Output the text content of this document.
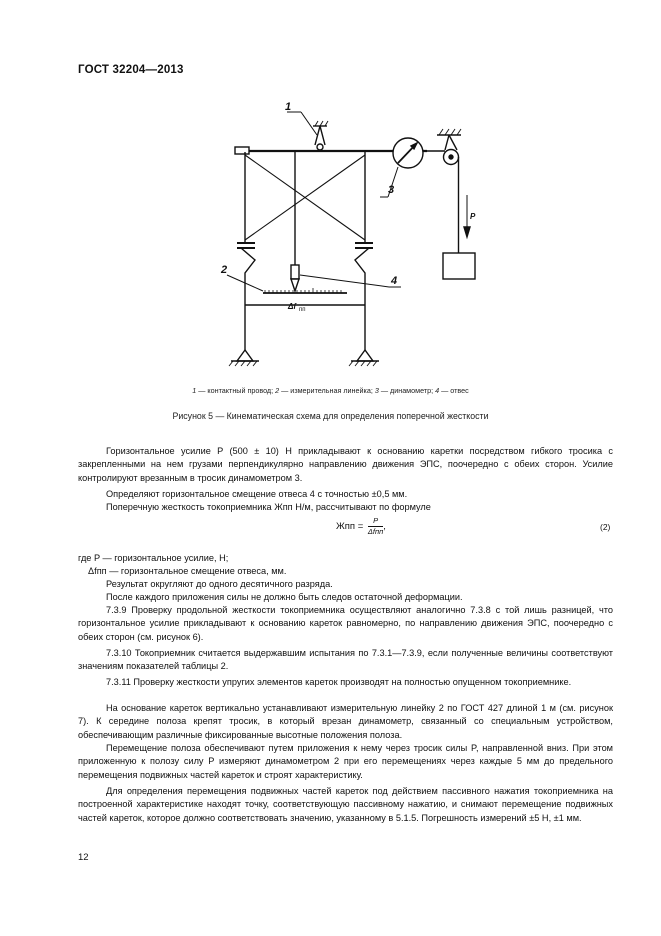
ГОСТ 32204—2013
1
4
2
Δf пп
3
P
1 — контактный провод; 2 — измерительная линейка; 3 — динамометр; 4 — отвес
Рисунок 5 — Кинематическая схема для определения поперечной жесткости
Горизонтальное усилие P (500 ± 10) Н прикладывают к основанию каретки посредством гибкого тросика с закрепленными на нем грузами перпендикулярно направлению движения ЭПС, поочередно с обеих сторон. Усилие контролируют врезанным в тросик динамометром 3.
Определяют горизонтальное смещение отвеса 4 с точностью ±0,5 мм.
Поперечную жесткость токоприемника Жпп Н/м, рассчитывают по формуле
Жпп = $\frac{P}{\text{Δfпп}}$ ,	(2)
где P — горизонтальное усилие, Н;
Δfпп — горизонтальное смещение отвеса, мм.
Результат округляют до одного десятичного разряда.
После каждого приложения силы не должно быть следов остаточной деформации.
7.3.9 Проверку продольной жесткости токоприемника осуществляют аналогично 7.3.8 с той лишь разницей, что горизонтальное усилие прикладывают к основанию кареток равномерно, по направлению движения ЭПС, поочередно с обеих сторон (см. рисунок 6).
7.3.10 Токоприемник считается выдержавшим испытания по 7.3.1—7.3.9, если полученные величины соответствуют значениям показателей таблицы 2.
7.3.11 Проверку жесткости упругих элементов кареток производят на полностью опущенном токоприемнике.
На основание кареток вертикально устанавливают измерительную линейку 2 по ГОСТ 427 длиной 1 м (см. рисунок 7). К середине полоза крепят тросик, в который врезан динамометр, связанный со специальным устройством, обеспечивающим различные фиксированные высотные положения полоза.
Перемещение полоза обеспечивают путем приложения к нему через тросик силы P, направленной вниз. При этом приложенную к полозу силу P измеряют динамометром 2 при его перемещениях через каждые 5 мм до предельного перемещения подвижных частей кареток и строят характеристику.
Для определения перемещения подвижных частей кареток под действием пассивного нажатия токоприемника на построенной характеристике находят точку, соответствующую пассивному нажатию, и снимают перемещение подвижных частей кареток, которое должно соответствовать значению, указанному в 5.1.5. Погрешность измерений ±5 Н, ±1 мм.
12
